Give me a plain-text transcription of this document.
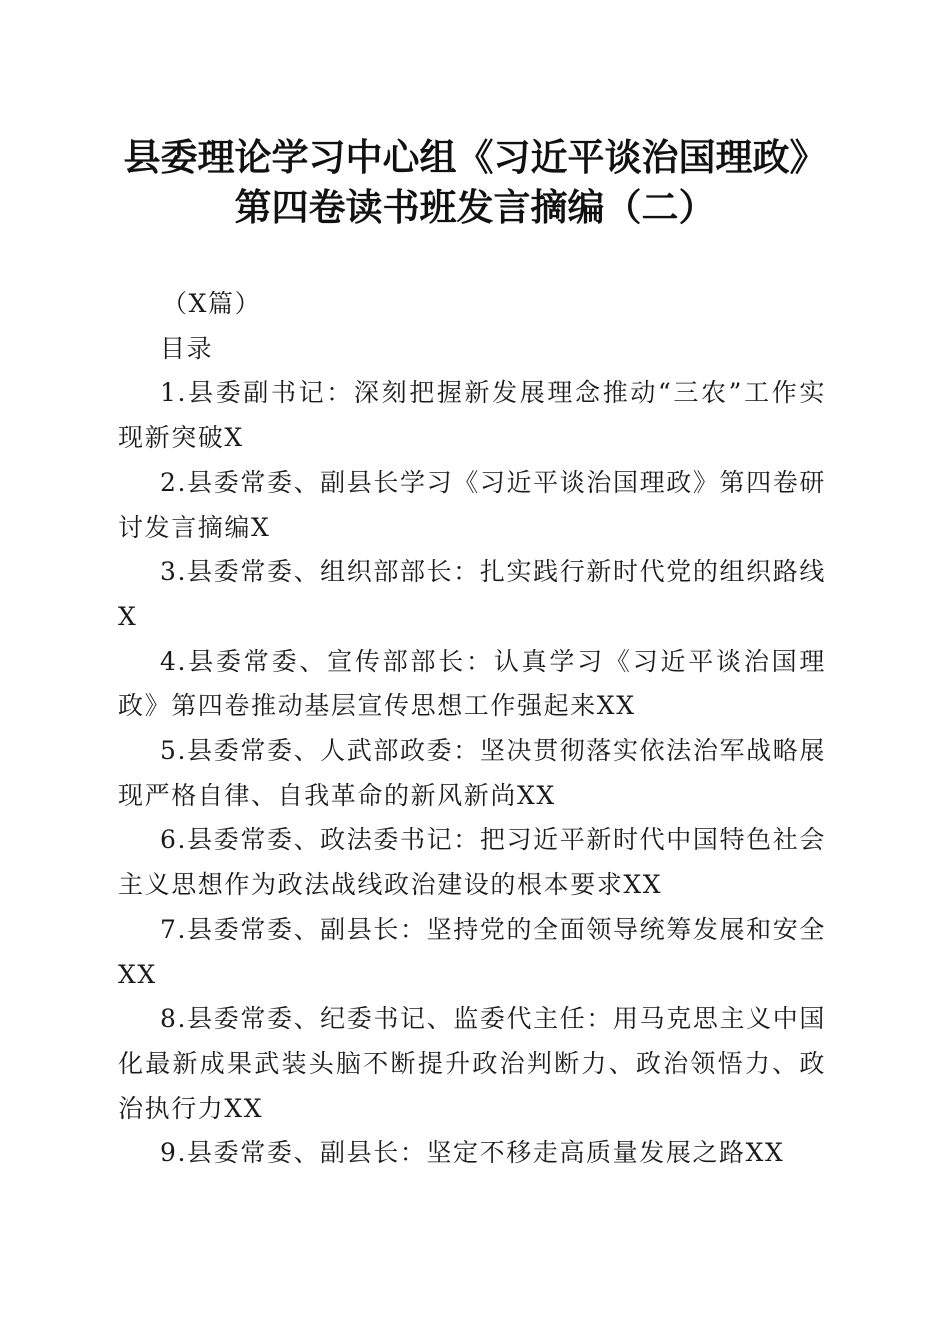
县委理论学习中心组《习近平谈治国理政》第四卷读书班发言摘编（二）

（X篇）

目录

1.县委副书记：深刻把握新发展理念推动“三农”工作实现新突破X

2.县委常委、副县长学习《习近平谈治国理政》第四卷研讨发言摘编X

3.县委常委、组织部部长：扎实践行新时代党的组织路线X

4.县委常委、宣传部部长：认真学习《习近平谈治国理政》第四卷推动基层宣传思想工作强起来XX

5.县委常委、人武部政委：坚决贯彻落实依法治军战略展现严格自律、自我革命的新风新尚XX

6.县委常委、政法委书记：把习近平新时代中国特色社会主义思想作为政法战线政治建设的根本要求XX

7.县委常委、副县长：坚持党的全面领导统筹发展和安全XX

8.县委常委、纪委书记、监委代主任：用马克思主义中国化最新成果武装头脑不断提升政治判断力、政治领悟力、政治执行力XX

9.县委常委、副县长：坚定不移走高质量发展之路XX
